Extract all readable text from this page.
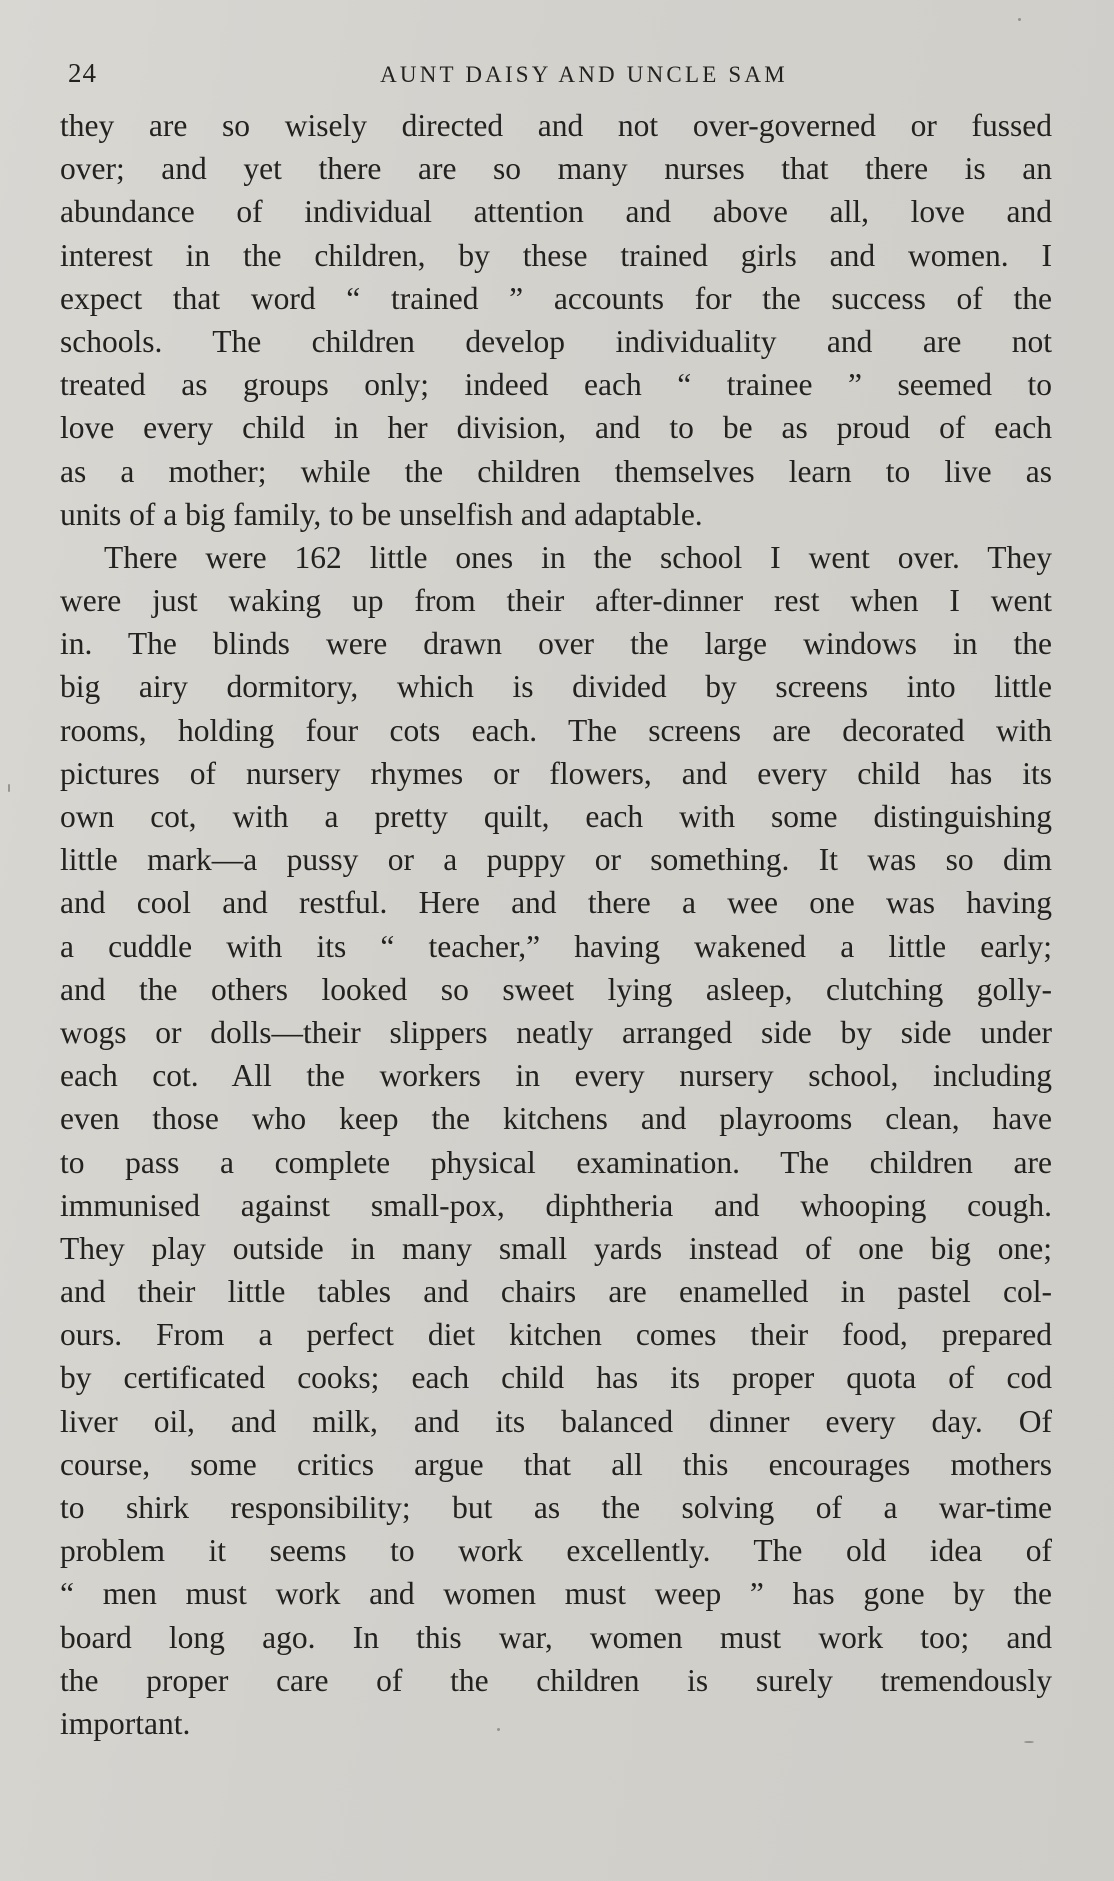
24	AUNT DAISY AND UNCLE SAM
they are so wisely directed and not over-governed or fussed
over; and yet there are so many nurses that there is an
abundance of individual attention and above all, love and
interest in the children, by these trained girls and women. I
expect that word “ trained ” accounts for the success of the
schools. The children develop individuality and are not
treated as groups only; indeed each “ trainee ” seemed to
love every child in her division, and to be as proud of each
as a mother; while the children themselves learn to live as
units of a big family, to be unselfish and adaptable.
There were 162 little ones in the school I went over. They
were just waking up from their after-dinner rest when I went
in. The blinds were drawn over the large windows in the
big airy dormitory, which is divided by screens into little
rooms, holding four cots each. The screens are decorated with
pictures of nursery rhymes or flowers, and every child has its
own cot, with a pretty quilt, each with some distinguishing
little mark—a pussy or a puppy or something. It was so dim
and cool and restful. Here and there a wee one was having
a cuddle with its “ teacher,” having wakened a little early;
and the others looked so sweet lying asleep, clutching golly-
wogs or dolls—their slippers neatly arranged side by side under
each cot. All the workers in every nursery school, including
even those who keep the kitchens and playrooms clean, have
to pass a complete physical examination. The children are
immunised against small-pox, diphtheria and whooping cough.
They play outside in many small yards instead of one big one;
and their little tables and chairs are enamelled in pastel col-
ours. From a perfect diet kitchen comes their food, prepared
by certificated cooks; each child has its proper quota of cod
liver oil, and milk, and its balanced dinner every day. Of
course, some critics argue that all this encourages mothers
to shirk responsibility; but as the solving of a war-time
problem it seems to work excellently. The old idea of
“ men must work and women must weep ” has gone by the
board long ago. In this war, women must work too; and
the proper care of the children is surely tremendously
important.
